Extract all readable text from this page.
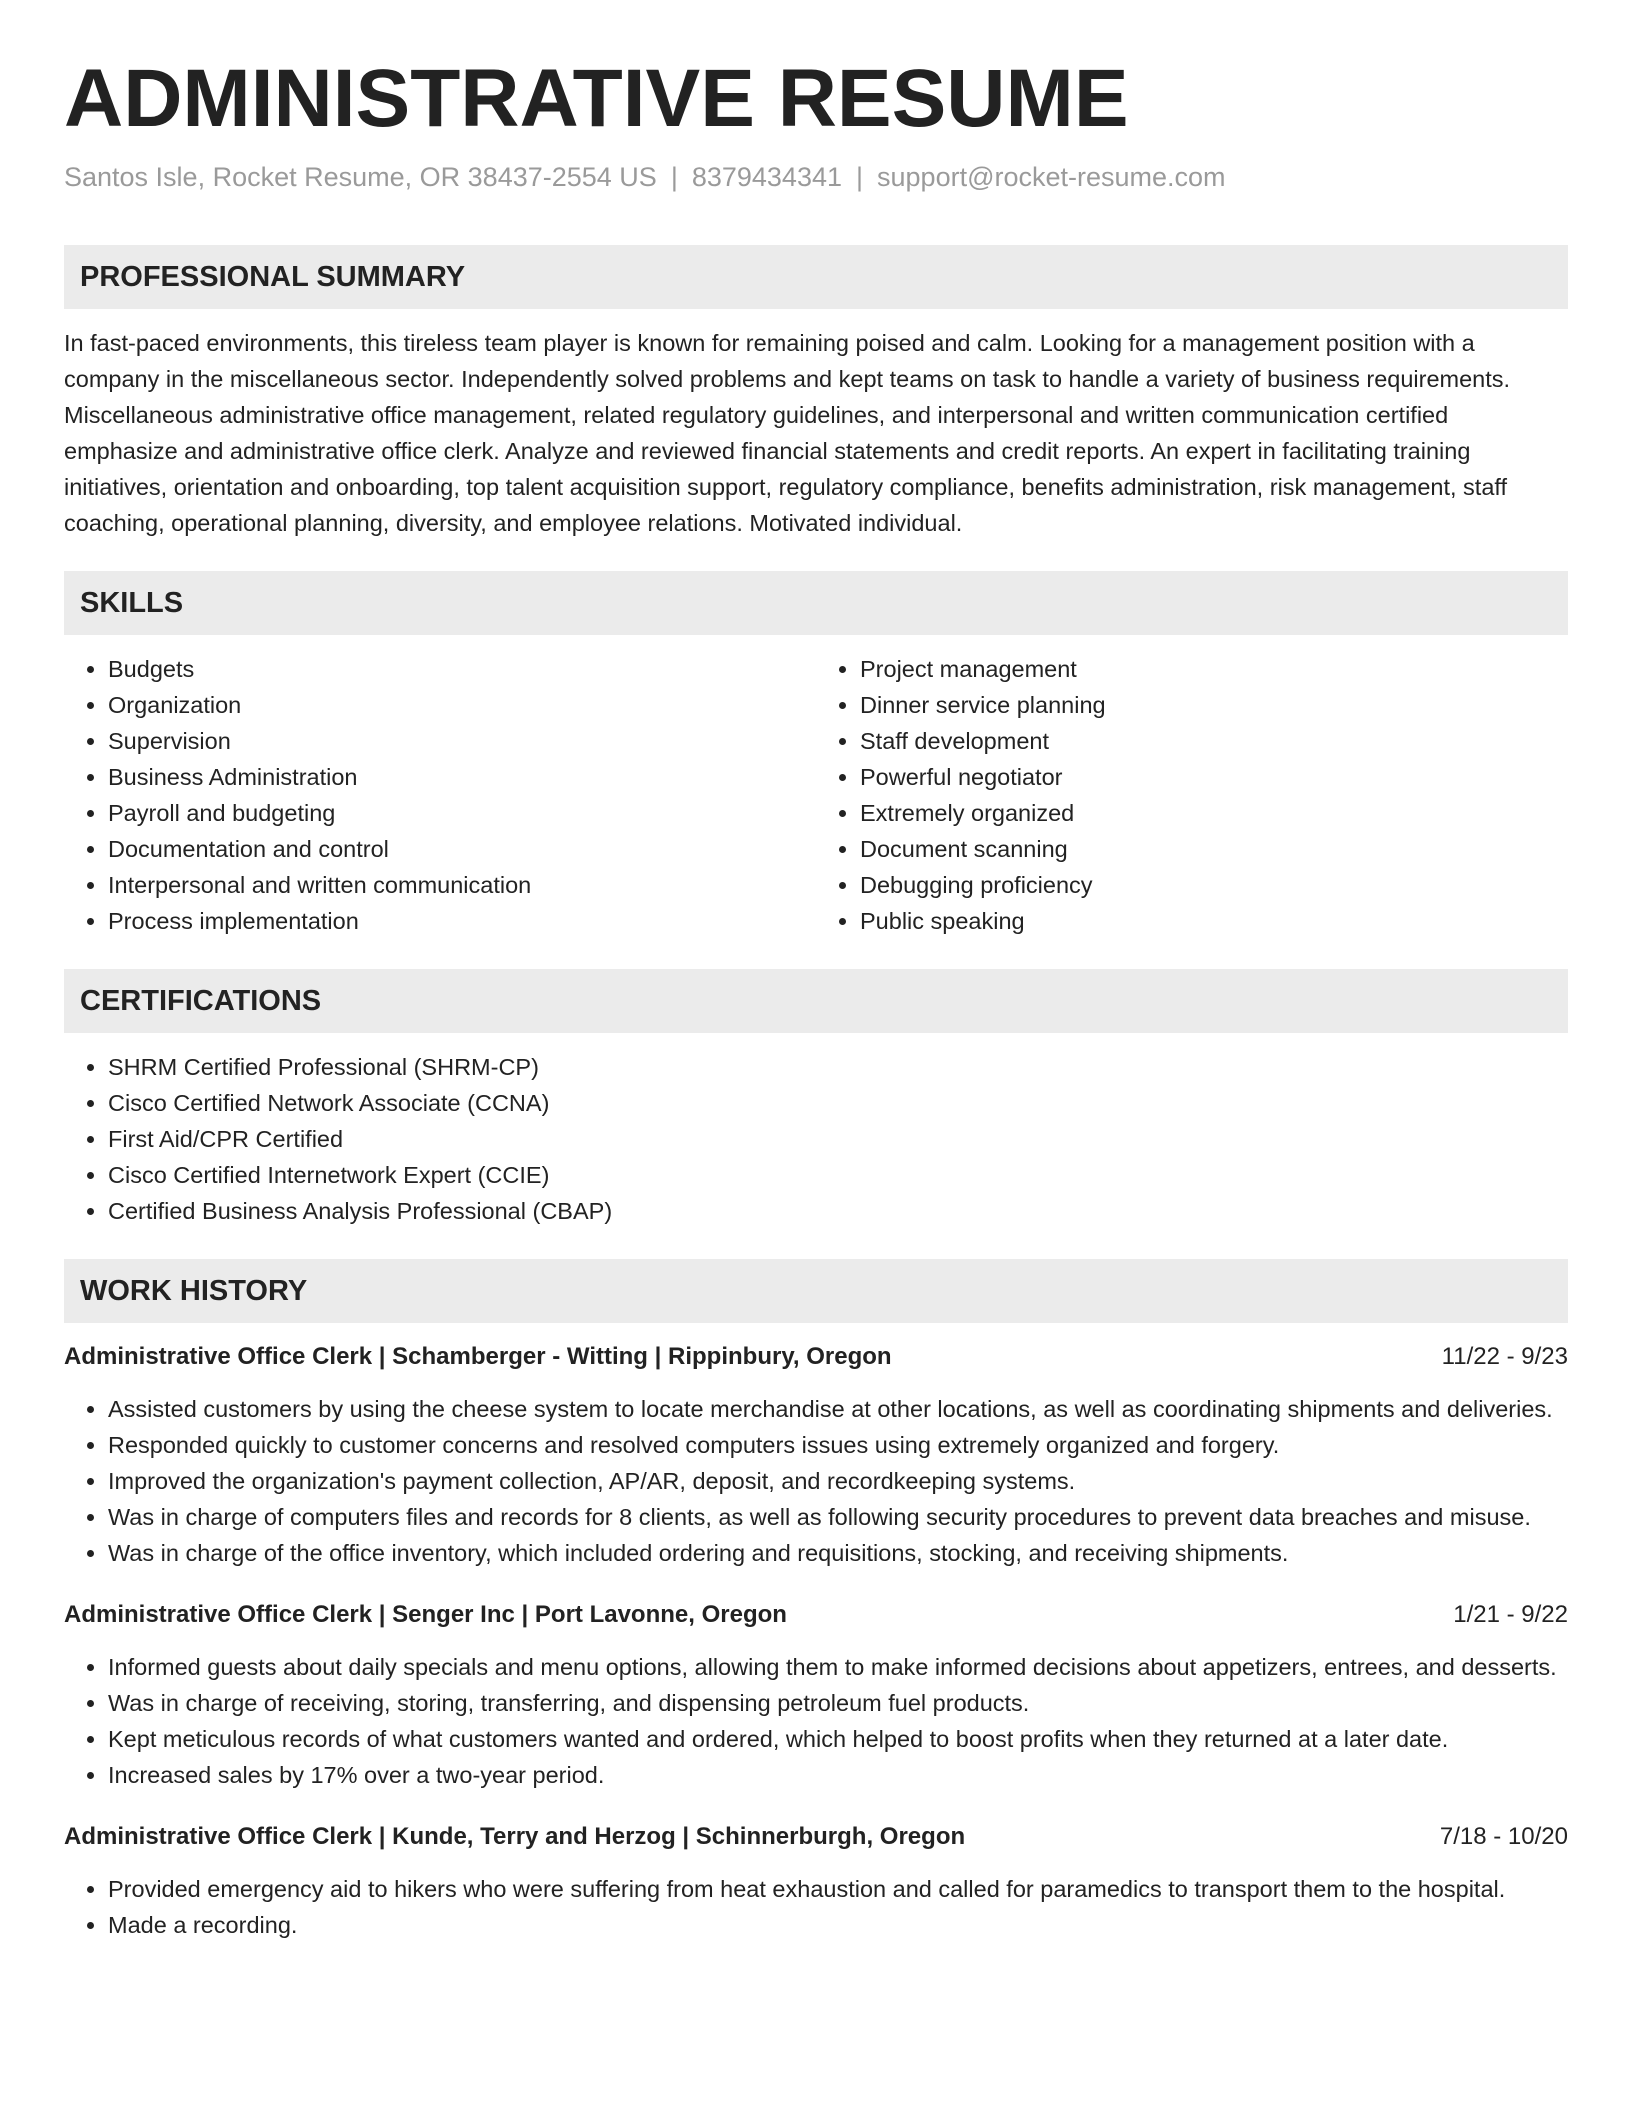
ADMINISTRATIVE RESUME
Santos Isle, Rocket Resume, OR 38437-2554 US | 8379434341 | support@rocket-resume.com
PROFESSIONAL SUMMARY
In fast-paced environments, this tireless team player is known for remaining poised and calm. Looking for a management position with a company in the miscellaneous sector. Independently solved problems and kept teams on task to handle a variety of business requirements. Miscellaneous administrative office management, related regulatory guidelines, and interpersonal and written communication certified emphasize and administrative office clerk. Analyze and reviewed financial statements and credit reports. An expert in facilitating training initiatives, orientation and onboarding, top talent acquisition support, regulatory compliance, benefits administration, risk management, staff coaching, operational planning, diversity, and employee relations. Motivated individual.
SKILLS
• Budgets
• Organization
• Supervision
• Business Administration
• Payroll and budgeting
• Documentation and control
• Interpersonal and written communication
• Process implementation
• Project management
• Dinner service planning
• Staff development
• Powerful negotiator
• Extremely organized
• Document scanning
• Debugging proficiency
• Public speaking
CERTIFICATIONS
• SHRM Certified Professional (SHRM-CP)
• Cisco Certified Network Associate (CCNA)
• First Aid/CPR Certified
• Cisco Certified Internetwork Expert (CCIE)
• Certified Business Analysis Professional (CBAP)
WORK HISTORY
Administrative Office Clerk | Schamberger - Witting | Rippinbury, Oregon	11/22 - 9/23
• Assisted customers by using the cheese system to locate merchandise at other locations, as well as coordinating shipments and deliveries.
• Responded quickly to customer concerns and resolved computers issues using extremely organized and forgery.
• Improved the organization's payment collection, AP/AR, deposit, and recordkeeping systems.
• Was in charge of computers files and records for 8 clients, as well as following security procedures to prevent data breaches and misuse.
• Was in charge of the office inventory, which included ordering and requisitions, stocking, and receiving shipments.
Administrative Office Clerk | Senger Inc | Port Lavonne, Oregon	1/21 - 9/22
• Informed guests about daily specials and menu options, allowing them to make informed decisions about appetizers, entrees, and desserts.
• Was in charge of receiving, storing, transferring, and dispensing petroleum fuel products.
• Kept meticulous records of what customers wanted and ordered, which helped to boost profits when they returned at a later date.
• Increased sales by 17% over a two-year period.
Administrative Office Clerk | Kunde, Terry and Herzog | Schinnerburgh, Oregon	7/18 - 10/20
• Provided emergency aid to hikers who were suffering from heat exhaustion and called for paramedics to transport them to the hospital.
• Made a recording.
